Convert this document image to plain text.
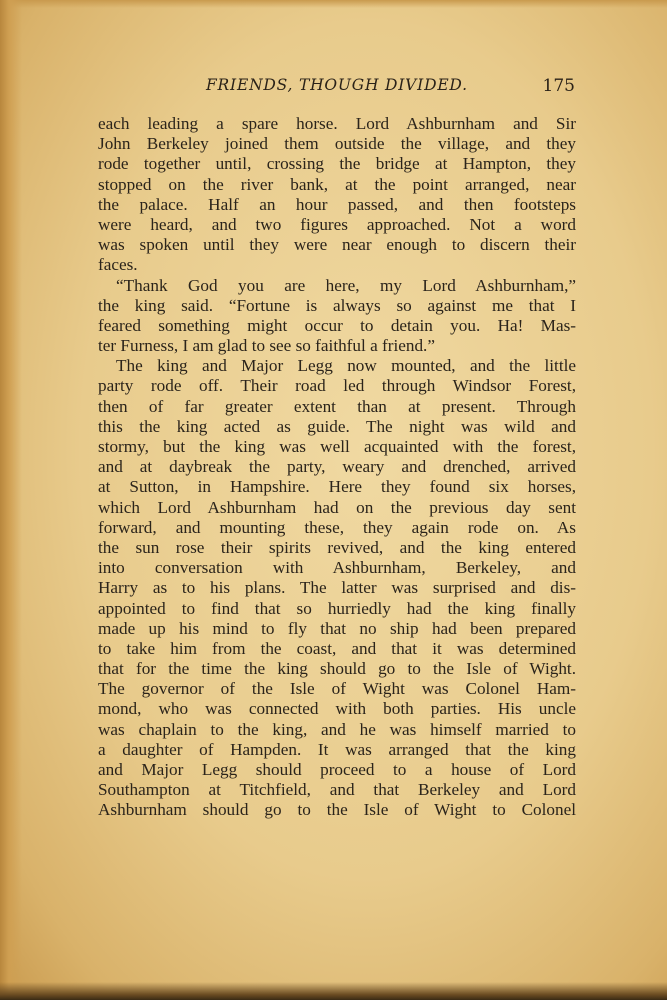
FRIENDS, THOUGH DIVIDED.	175
each leading a spare horse. Lord Ashburnham and Sir
John Berkeley joined them outside the village, and they
rode together until, crossing the bridge at Hampton, they
stopped on the river bank, at the point arranged, near
the palace. Half an hour passed, and then footsteps
were heard, and two figures approached. Not a word
was spoken until they were near enough to discern their
faces.
“Thank God you are here, my Lord Ashburnham,”
the king said. “Fortune is always so against me that I
feared something might occur to detain you. Ha! Mas-
ter Furness, I am glad to see so faithful a friend.”
The king and Major Legg now mounted, and the little
party rode off. Their road led through Windsor Forest,
then of far greater extent than at present. Through
this the king acted as guide. The night was wild and
stormy, but the king was well acquainted with the forest,
and at daybreak the party, weary and drenched, arrived
at Sutton, in Hampshire. Here they found six horses,
which Lord Ashburnham had on the previous day sent
forward, and mounting these, they again rode on. As
the sun rose their spirits revived, and the king entered
into conversation with Ashburnham, Berkeley, and
Harry as to his plans. The latter was surprised and dis-
appointed to find that so hurriedly had the king finally
made up his mind to fly that no ship had been prepared
to take him from the coast, and that it was determined
that for the time the king should go to the Isle of Wight.
The governor of the Isle of Wight was Colonel Ham-
mond, who was connected with both parties. His uncle
was chaplain to the king, and he was himself married to
a daughter of Hampden. It was arranged that the king
and Major Legg should proceed to a house of Lord
Southampton at Titchfield, and that Berkeley and Lord
Ashburnham should go to the Isle of Wight to Colonel
